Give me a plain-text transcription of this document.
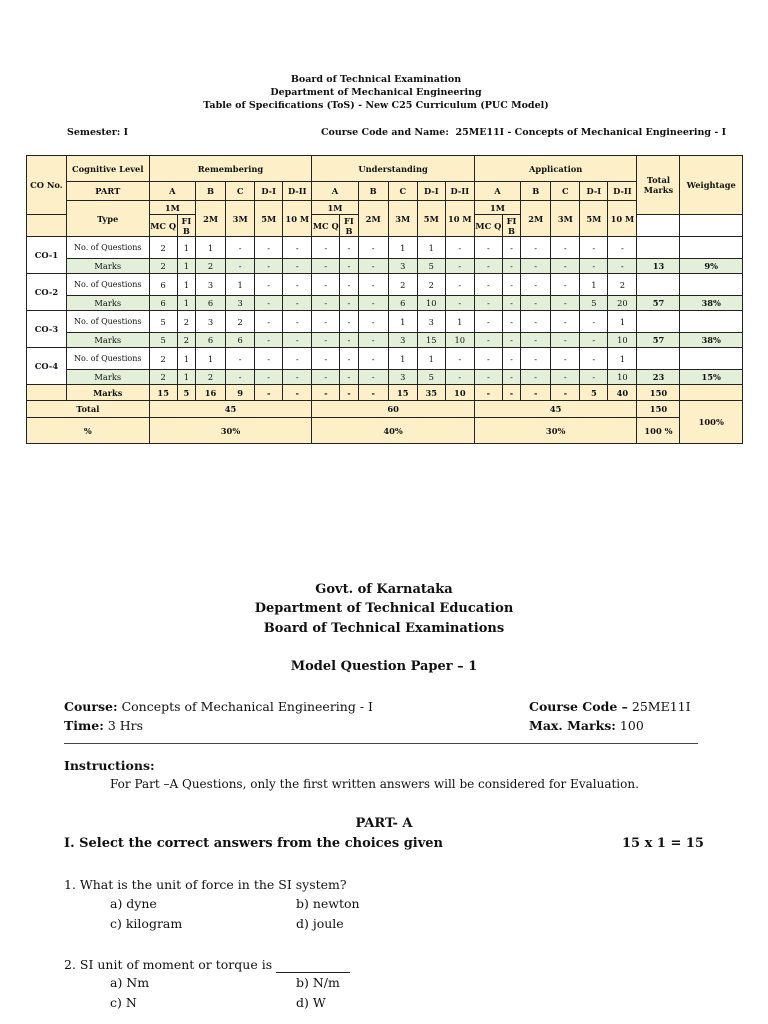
Board of Technical Examination
Department of Mechanical Engineering
Table of Specifications (ToS) - New C25 Curriculum (PUC Model)
Semester: I	Course Code and Name: 25ME11I - Concepts of Mechanical Engineering - I
CO No.	Cognitive Level	Remembering						Understanding						Application						Total Marks	Weightage
	PART	A		B	C	D-I	D-II	A		B	C	D-I	D-II	A		B	C	D-I	D-II		
	Type	1M		2M	3M	5M	10 M	1M		2M	3M	5M	10 M	1M		2M	3M	5M	10 M		
		MC Q	FI B					MC Q	FI B					MC Q	FI B						
CO-1	No. of Questions	2	1	1	-	-	-	-	-	-	1	1	-	-	-	-	-	-	-		
	Marks	2	1	2	-	-	-	-	-	-	3	5	-	-	-	-	-	-	-	13	9%
CO-2	No. of Questions	6	1	3	1	-	-	-	-	-	2	2	-	-	-	-	-	1	2		
	Marks	6	1	6	3	-	-	-	-	-	6	10	-	-	-	-	-	5	20	57	38%
CO-3	No. of Questions	5	2	3	2	-	-	-	-	-	1	3	1	-	-	-	-	-	1		
	Marks	5	2	6	6	-	-	-	-	-	3	15	10	-	-	-	-	-	10	57	38%
CO-4	No. of Questions	2	1	1	-	-	-	-	-	-	1	1	-	-	-	-	-	-	1		
	Marks	2	1	2	-	-	-	-	-	-	3	5	-	-	-	-	-	-	10	23	15%
	Marks	15	5	16	9	-	-	-	-	-	15	35	10	-	-	-	-	5	40	150	
Total		45						60						45						150	100%
%		30%						40%						30%						100 %	
Govt. of Karnataka
Department of Technical Education
Board of Technical Examinations
Model Question Paper – 1
Course: Concepts of Mechanical Engineering - I	Course Code – 25ME11I
Time: 3 Hrs	Max. Marks: 100
Instructions:
For Part –A Questions, only the first written answers will be considered for Evaluation.
PART- A
I. Select the correct answers from the choices given	15 x 1 = 15
1. What is the unit of force in the SI system?
a) dyne	b) newton
c) kilogram	d) joule
2. SI unit of moment or torque is
a) Nm	b) N/m
c) N	d) W
